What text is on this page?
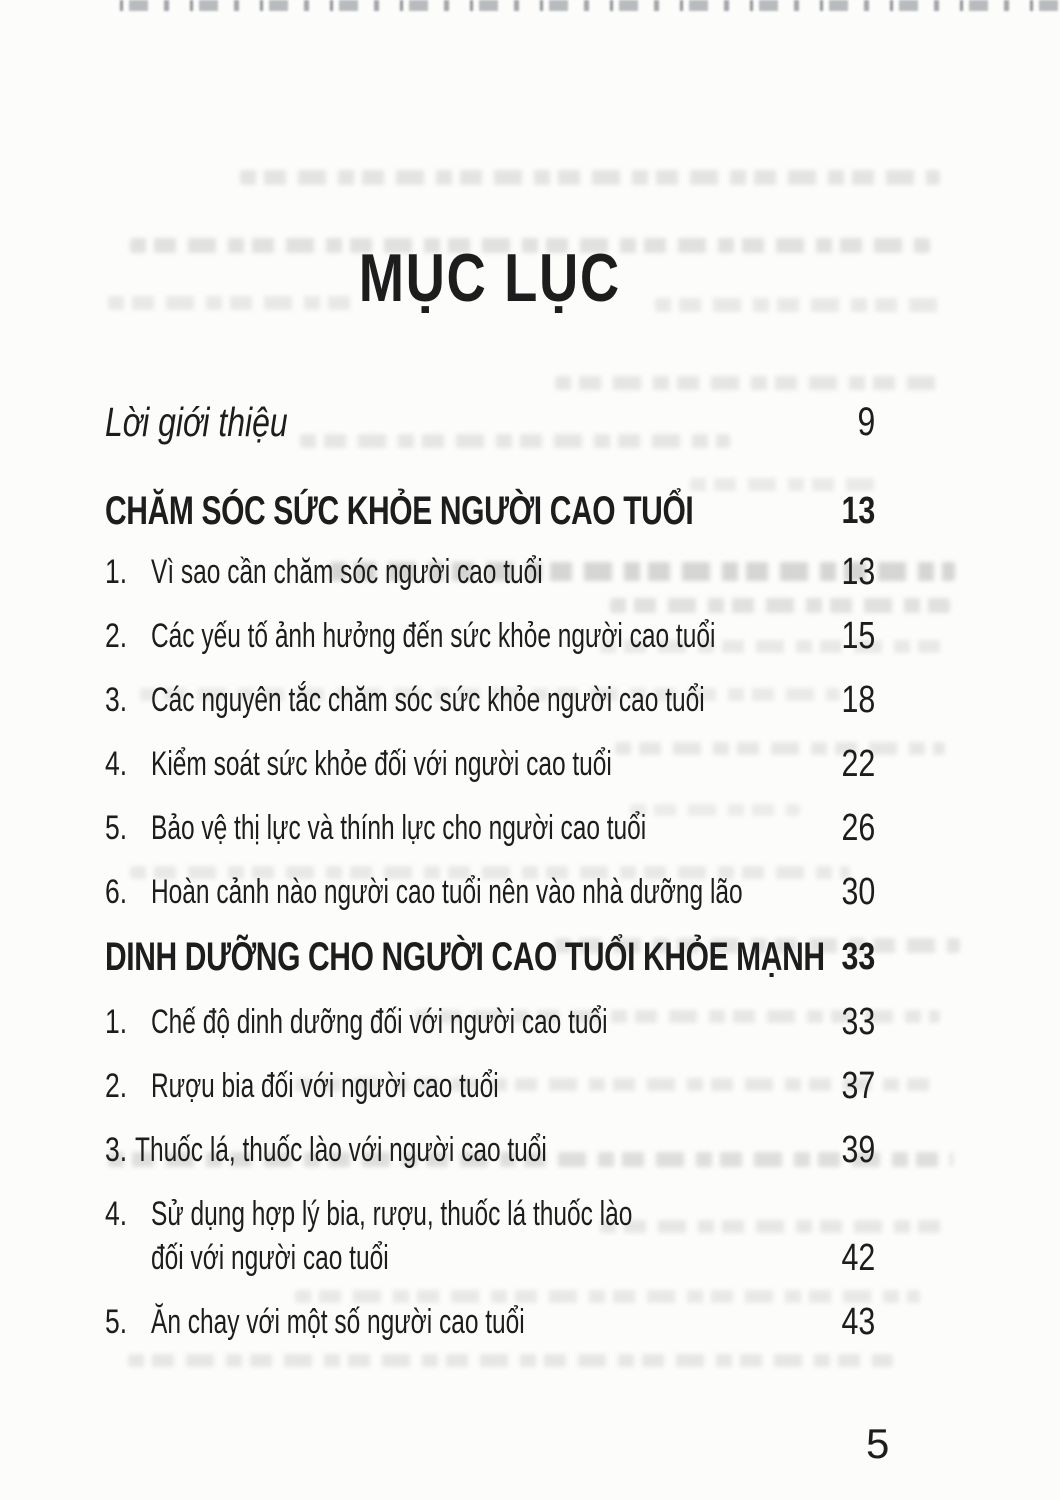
MỤC LỤC
Lời giới thiệu	9
CHĂM SÓC SỨC KHỎE NGƯỜI CAO TUỔI	13
1. Vì sao cần chăm sóc người cao tuổi	13
2. Các yếu tố ảnh hưởng đến sức khỏe người cao tuổi	15
3. Các nguyên tắc chăm sóc sức khỏe người cao tuổi	18
4. Kiểm soát sức khỏe đối với người cao tuổi	22
5. Bảo vệ thị lực và thính lực cho người cao tuổi	26
6. Hoàn cảnh nào người cao tuổi nên vào nhà dưỡng lão	30
DINH DƯỠNG CHO NGƯỜI CAO TUỔI KHỎE MẠNH 33
1. Chế độ dinh dưỡng đối với người cao tuổi	33
2. Rượu bia đối với người cao tuổi	37
3. Thuốc lá, thuốc lào với người cao tuổi	39
4. Sử dụng hợp lý bia, rượu, thuốc lá thuốc lào
đối với người cao tuổi	42
5. Ăn chay với một số người cao tuổi	43
5
